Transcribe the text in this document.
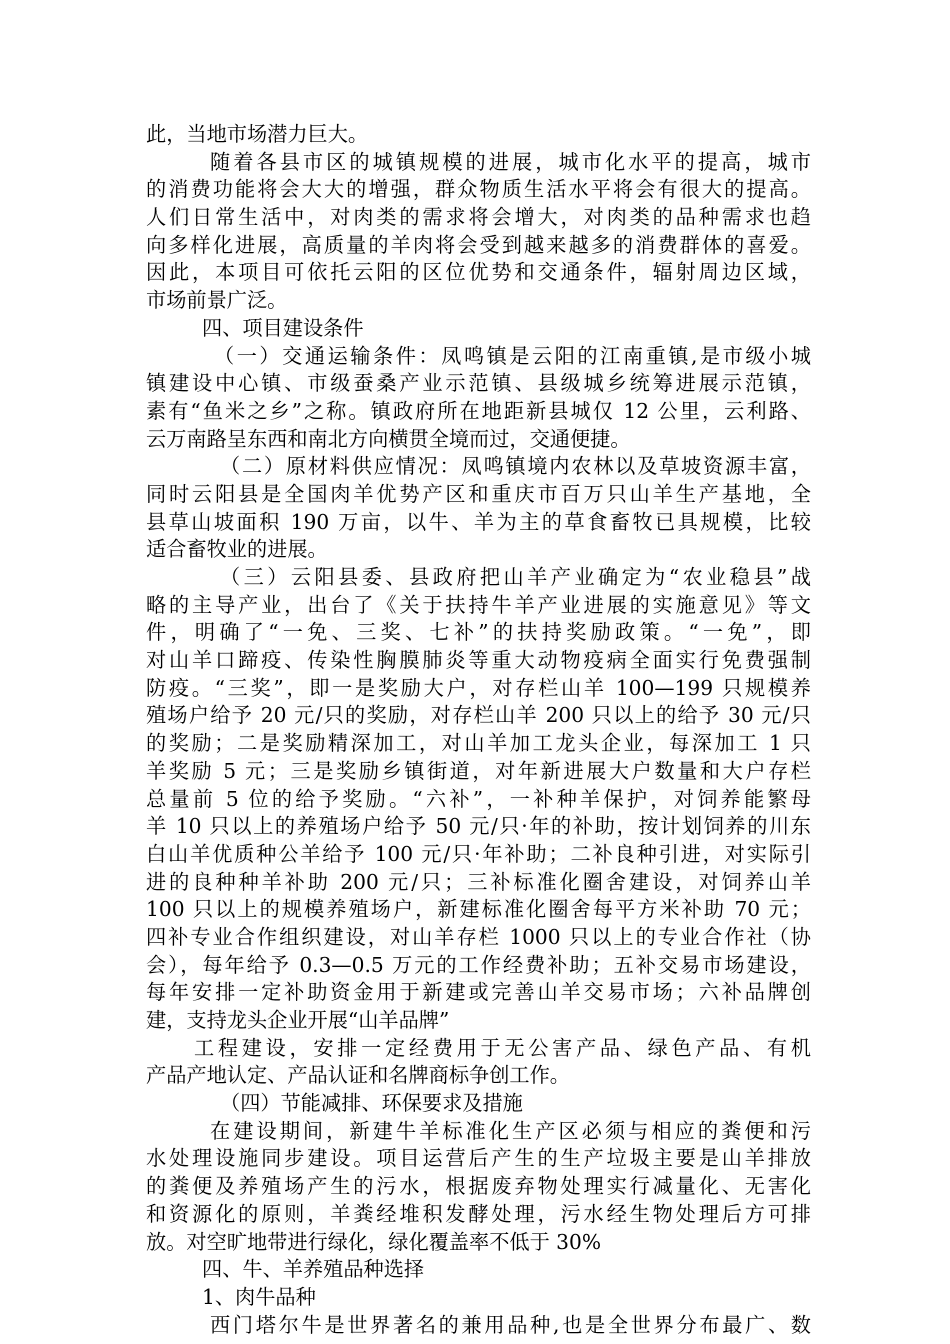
此，当地市场潜力巨大。
随着各县市区的城镇规模的进展，城市化水平的提高，城市
的消费功能将会大大的增强，群众物质生活水平将会有很大的提高。
人们日常生活中，对肉类的需求将会增大，对肉类的品种需求也趋
向多样化进展，高质量的羊肉将会受到越来越多的消费群体的喜爱。
因此，本项目可依托云阳的区位优势和交通条件，辐射周边区域，
市场前景广泛。
四、项目建设条件
（一）交通运输条件：凤鸣镇是云阳的江南重镇,是市级小城
镇建设中心镇、市级蚕桑产业示范镇、县级城乡统筹进展示范镇，
素有“鱼米之乡”之称。镇政府所在地距新县城仅 12 公里，云利路、
云万南路呈东西和南北方向横贯全境而过，交通便捷。
（二）原材料供应情况：凤鸣镇境内农林以及草坡资源丰富，
同时云阳县是全国肉羊优势产区和重庆市百万只山羊生产基地，全
县草山坡面积 190 万亩，以牛、羊为主的草食畜牧已具规模，比较
适合畜牧业的进展。
（三）云阳县委、县政府把山羊产业确定为“农业稳县”战
略的主导产业，出台了《关于扶持牛羊产业进展的实施意见》等文
件，明确了“一免、三奖、七补”的扶持奖励政策。“一免”，即
对山羊口蹄疫、传染性胸膜肺炎等重大动物疫病全面实行免费强制
防疫。“三奖”，即一是奖励大户，对存栏山羊 100—199 只规模养
殖场户给予 20 元/只的奖励，对存栏山羊 200 只以上的给予 30 元/只
的奖励；二是奖励精深加工，对山羊加工龙头企业，每深加工 1 只
羊奖励 5 元；三是奖励乡镇街道，对年新进展大户数量和大户存栏
总量前 5 位的给予奖励。“六补”，一补种羊保护，对饲养能繁母
羊 10 只以上的养殖场户给予 50 元/只·年的补助，按计划饲养的川东
白山羊优质种公羊给予 100 元/只·年补助；二补良种引进，对实际引
进的良种种羊补助 200 元/只；三补标准化圈舍建设，对饲养山羊
100 只以上的规模养殖场户，新建标准化圈舍每平方米补助 70 元；
四补专业合作组织建设，对山羊存栏 1000 只以上的专业合作社（协
会），每年给予 0.3—0.5 万元的工作经费补助；五补交易市场建设，
每年安排一定补助资金用于新建或完善山羊交易市场；六补品牌创
建，支持龙头企业开展“山羊品牌”
工程建设，安排一定经费用于无公害产品、绿色产品、有机
产品产地认定、产品认证和名牌商标争创工作。
（四）节能减排、环保要求及措施
在建设期间，新建牛羊标准化生产区必须与相应的粪便和污
水处理设施同步建设。项目运营后产生的生产垃圾主要是山羊排放
的粪便及养殖场产生的污水，根据废弃物处理实行减量化、无害化
和资源化的原则，羊粪经堆积发酵处理，污水经生物处理后方可排
放。对空旷地带进行绿化，绿化覆盖率不低于 30%
四、牛、羊养殖品种选择
1、肉牛品种
西门塔尔牛是世界著名的兼用品种,也是全世界分布最广、数
